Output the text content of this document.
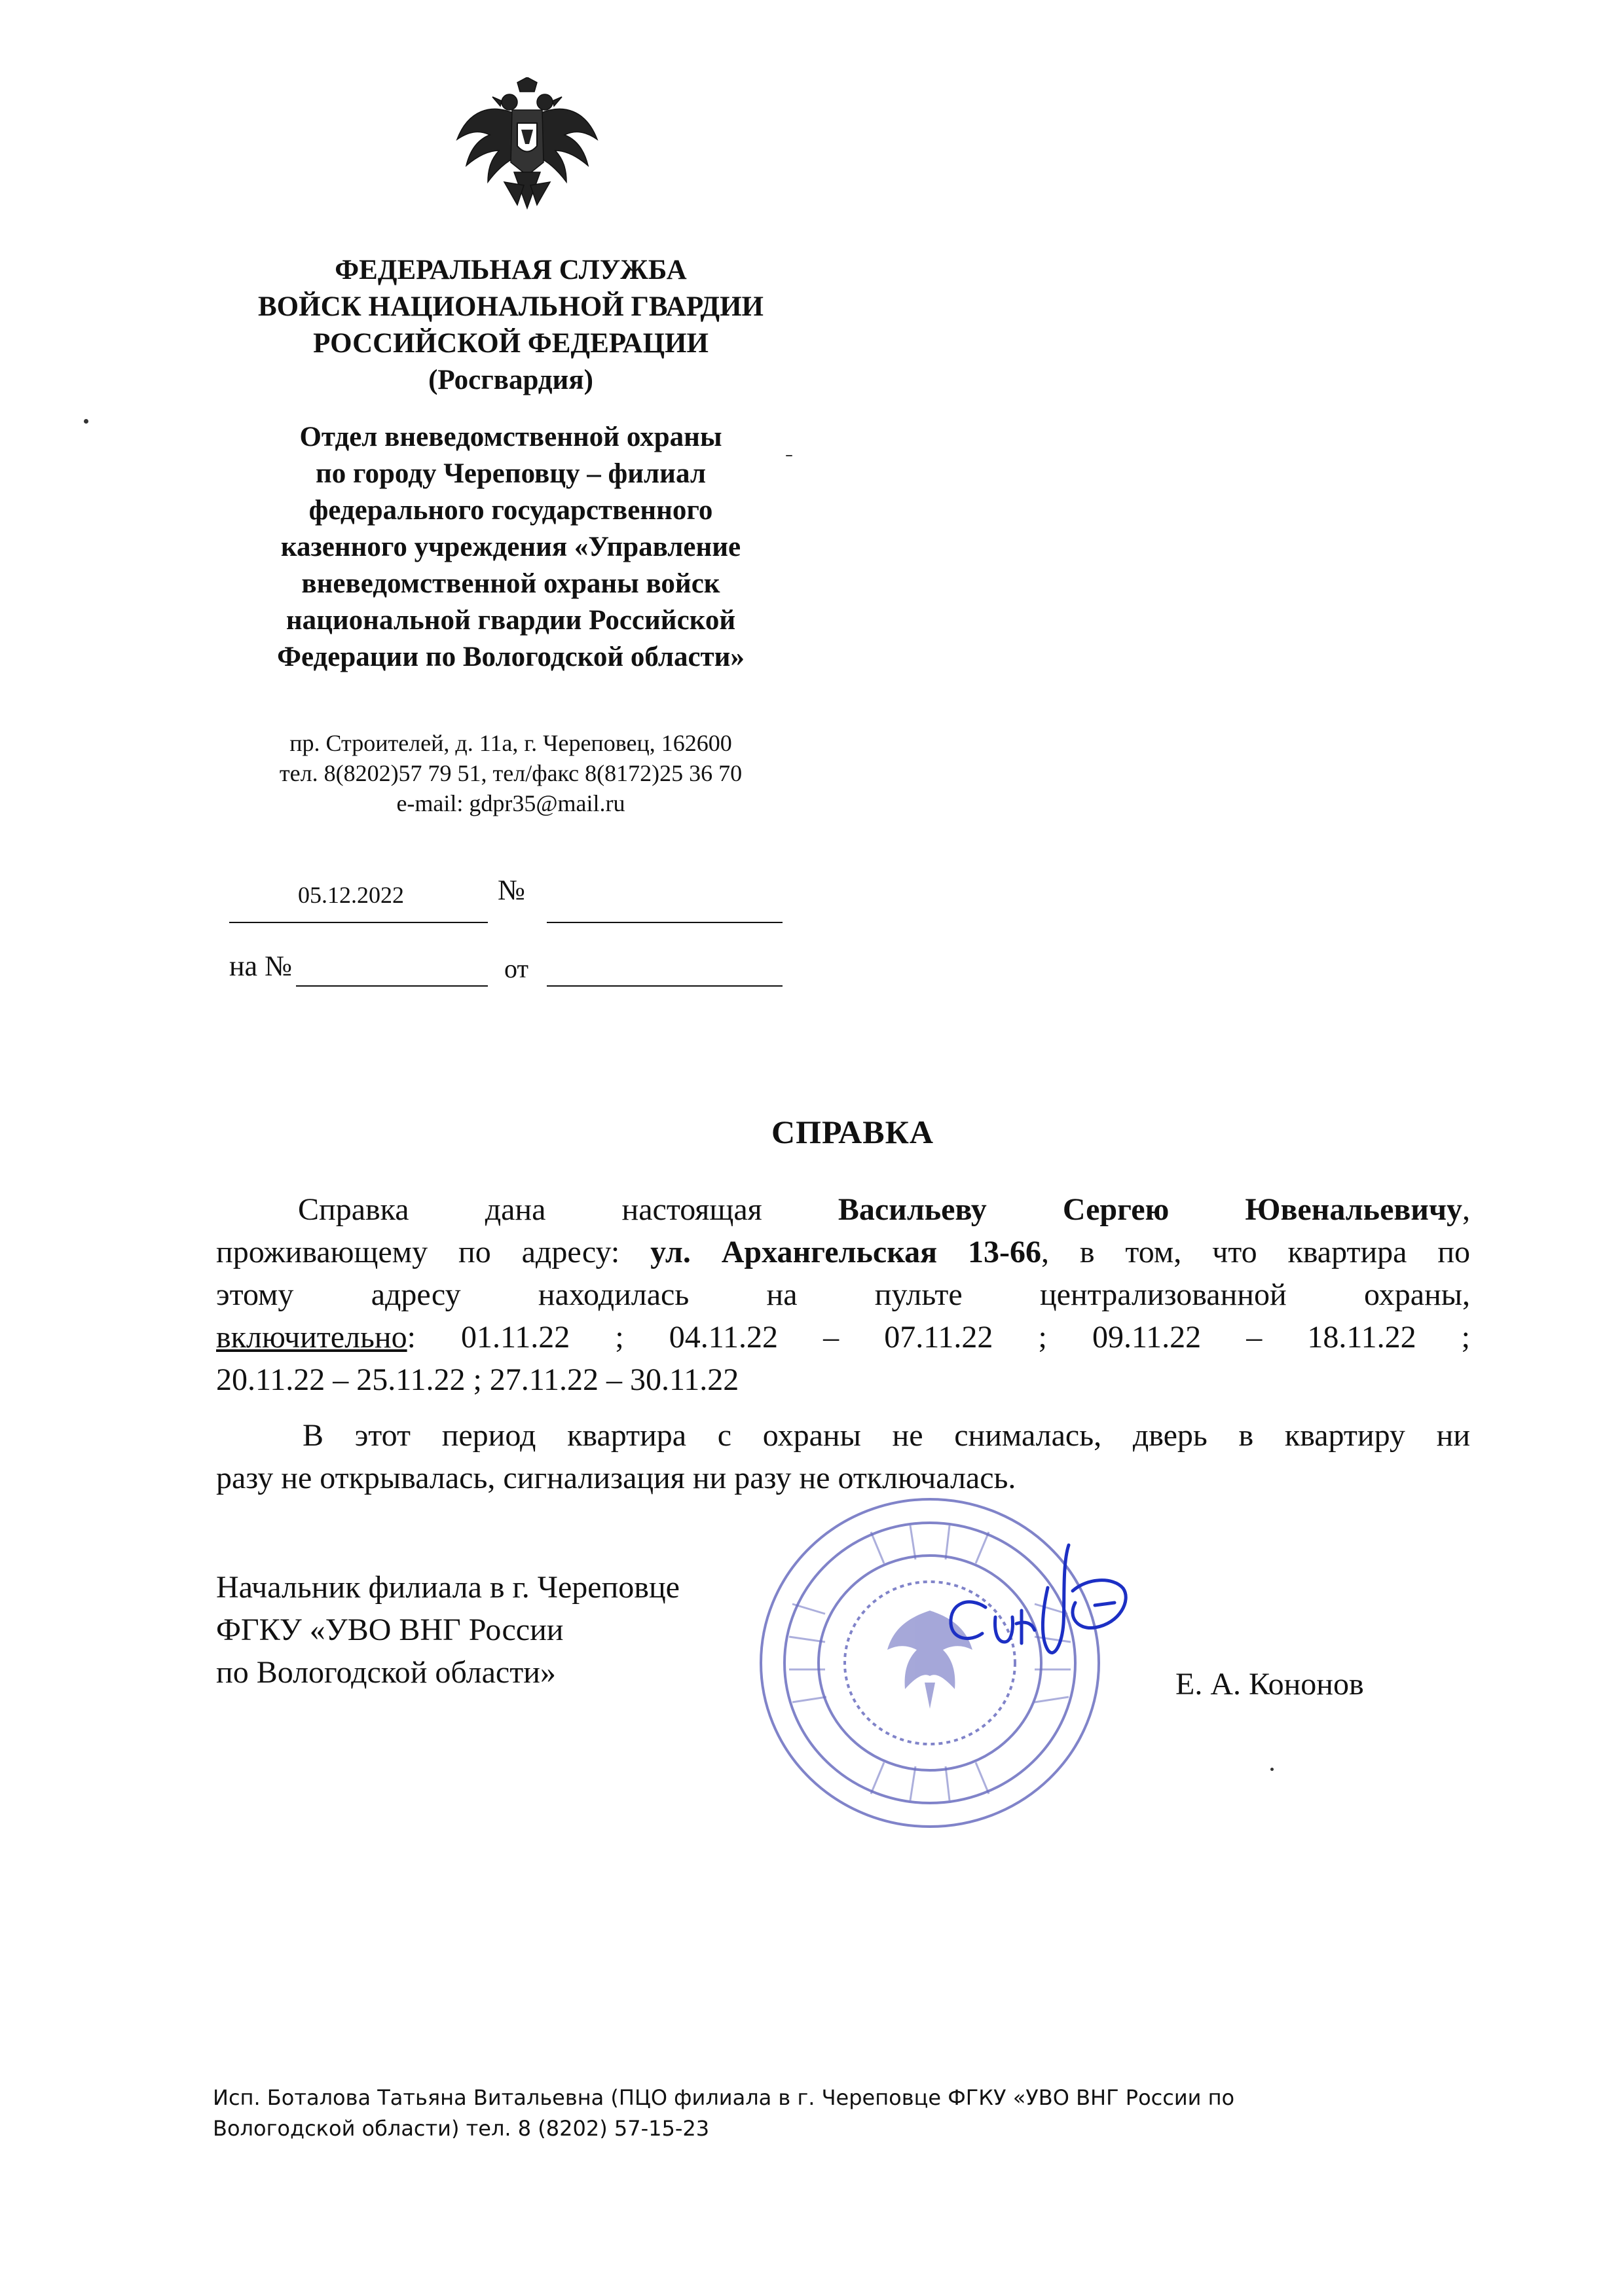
ФЕДЕРАЛЬНАЯ СЛУЖБА
ВОЙСК НАЦИОНАЛЬНОЙ ГВАРДИИ
РОССИЙСКОЙ ФЕДЕРАЦИИ
(Росгвардия)
Отдел вневедомственной охраны
по городу Череповцу – филиал
федерального государственного
казенного учреждения «Управление
вневедомственной охраны войск
национальной гвардии Российской
Федерации по Вологодской области»
пр. Строителей, д. 11а, г. Череповец, 162600
тел. 8(8202)57 79 51, тел/факс 8(8172)25 36 70
e-mail: gdpr35@mail.ru
05.12.2022	№
на №	от
СПРАВКА
Справка дана настоящая Васильеву Сергею Ювенальевичу,
проживающему по адресу: ул. Архангельская 13-66, в том, что квартира по
этому адресу находилась на пульте централизованной охраны,
включительно: 01.11.22 ; 04.11.22 – 07.11.22 ; 09.11.22 – 18.11.22 ;
20.11.22 – 25.11.22 ; 27.11.22 – 30.11.22
В этот период квартира с охраны не снималась, дверь в квартиру ни
разу не открывалась, сигнализация ни разу не отключалась.
Начальник филиала в г. Череповце
ФГКУ «УВО ВНГ России
по Вологодской области»	Е. А. Кононов
Исп. Боталова Татьяна Витальевна (ПЦО филиала в г. Череповце ФГКУ «УВО ВНГ России по
Вологодской области) тел. 8 (8202) 57-15-23
